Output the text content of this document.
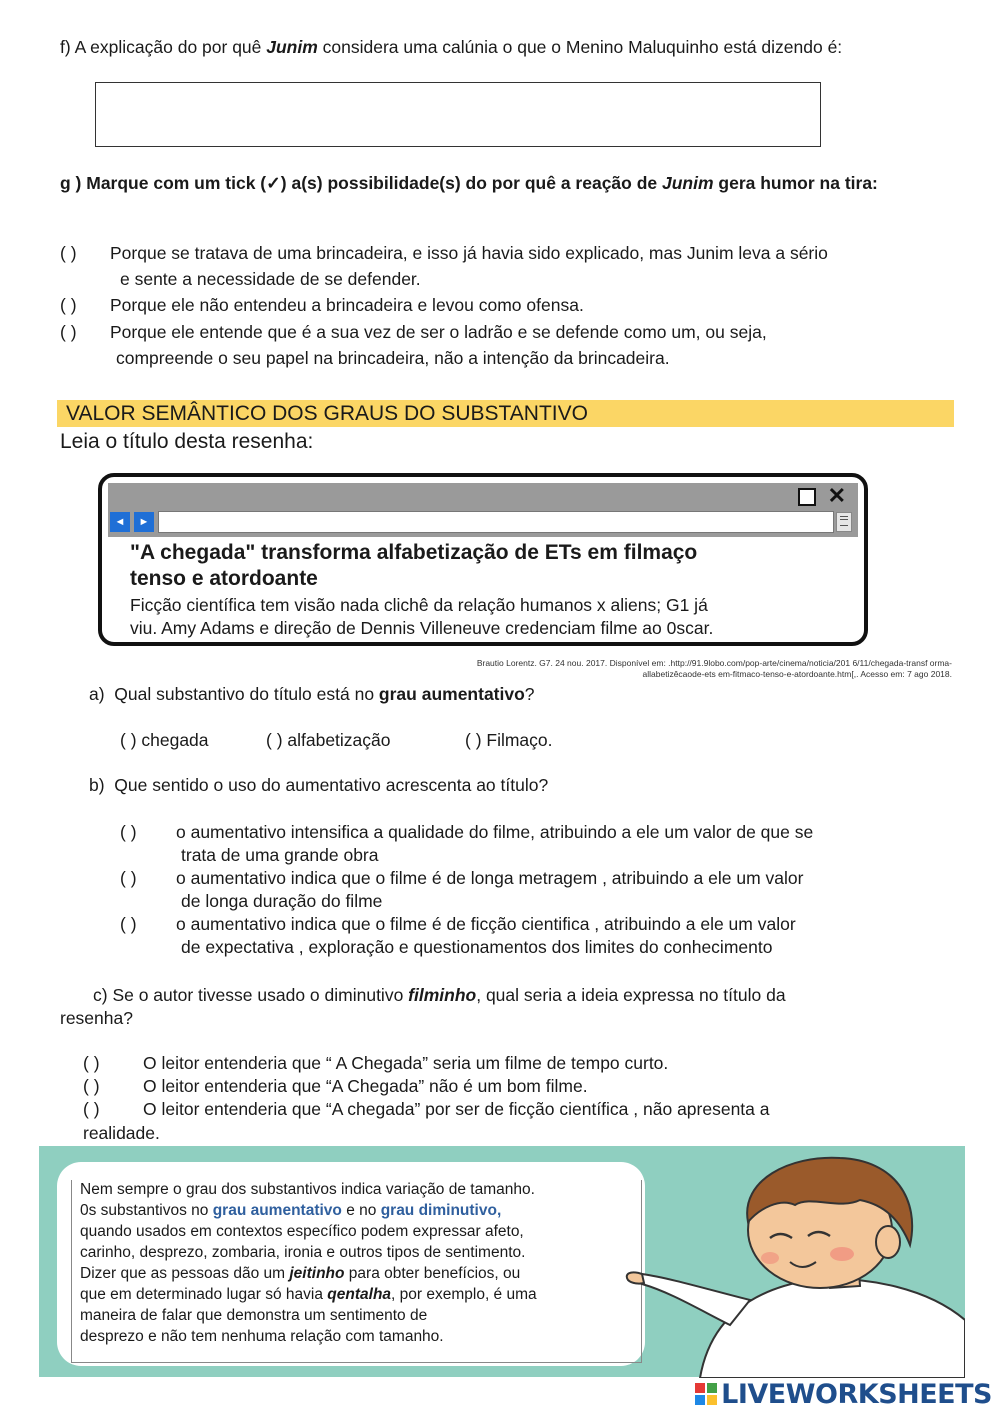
f) A explicação do por quê Junim considera uma calúnia o que o Menino Maluquinho está dizendo é:
g ) Marque com um tick (✓) a(s) possibilidade(s) do por quê a reação de Junim gera humor na tira:
( ) Porque se tratava de uma brincadeira, e isso já havia sido explicado, mas Junim leva a sério
e sente a necessidade de se defender.
( ) Porque ele não entendeu a brincadeira e levou como ofensa.
( ) Porque ele entende que é a sua vez de ser o ladrão e se defende como um, ou seja,
compreende o seu papel na brincadeira, não a intenção da brincadeira.
VALOR SEMÂNTICO DOS GRAUS DO SUBSTANTIVO
Leia o título desta resenha:
✕
◄	►
"A chegada" transforma alfabetização de ETs em filmaço
tenso e atordoante
Ficção científica tem visão nada clichê da relação humanos x aliens; G1 já
viu. Amy Adams e direção de Dennis Villeneuve credenciam filme ao 0scar.
Brautio Lorentz. G7. 24 nou. 2017. Disponível em: .http://91.9lobo.com/pop-arte/cinema/noticia/201 6/11/chegada-transf orma-
allabetizêcaode-ets em-fitmaco-tenso-e-atordoante.htm[,. Acesso em: 7 ago 2018.
a) Qual substantivo do título está no grau aumentativo?
( ) chegada	( ) alfabetização	( ) Filmaço.
b) Que sentido o uso do aumentativo acrescenta ao título?
( ) o aumentativo intensifica a qualidade do filme, atribuindo a ele um valor de que se
trata de uma grande obra
( ) o aumentativo indica que o filme é de longa metragem , atribuindo a ele um valor
de longa duração do filme
( ) o aumentativo indica que o filme é de ficção cientifica , atribuindo a ele um valor
de expectativa , exploração e questionamentos dos limites do conhecimento
c) Se o autor tivesse usado o diminutivo filminho, qual seria a ideia expressa no título da
resenha?
( ) O leitor entenderia que “ A Chegada” seria um filme de tempo curto.
( ) O leitor entenderia que “A Chegada” não é um bom filme.
( ) O leitor entenderia que “A chegada” por ser de ficção científica , não apresenta a
realidade.
Nem sempre o grau dos substantivos indica variação de tamanho.
0s substantivos no grau aumentativo e no grau diminutivo,
quando usados em contextos específico podem expressar afeto,
carinho, desprezo, zombaria, ironia e outros tipos de sentimento.
Dizer que as pessoas dão um jeitinho para obter benefícios, ou
que em determinado lugar só havia qentalha, por exemplo, é uma
maneira de falar que demonstra um sentimento de
desprezo e não tem nenhuma relação com tamanho.
LIVEWORKSHEETS
